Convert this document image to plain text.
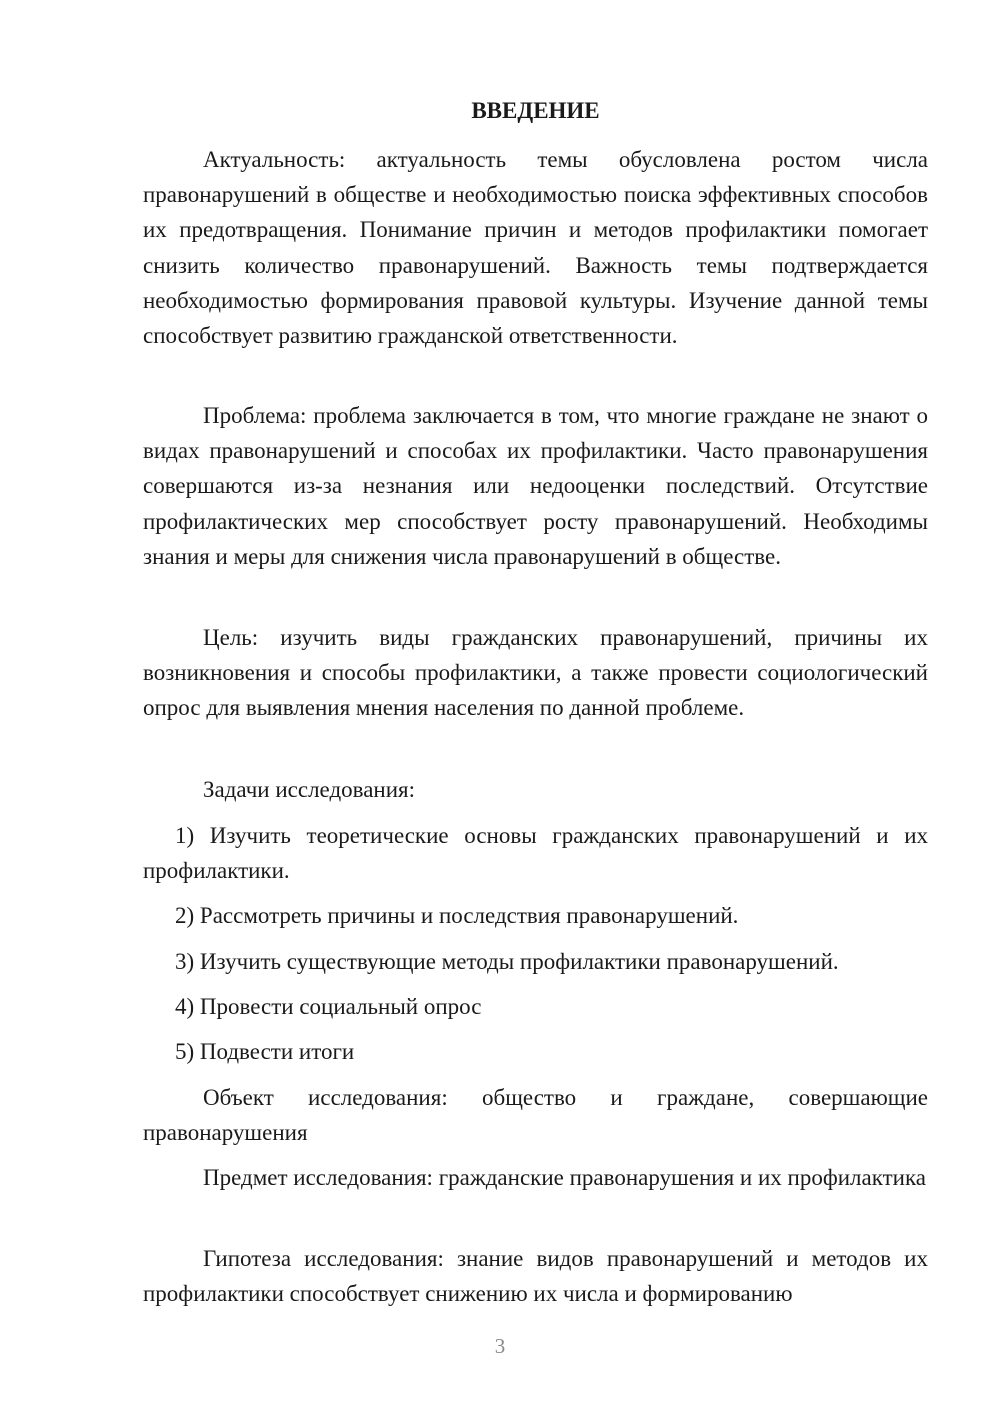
ВВЕДЕНИЕ

Актуальность: актуальность темы обусловлена ростом числа правонарушений в обществе и необходимостью поиска эффективных способов их предотвращения. Понимание причин и методов профилактики помогает снизить количество правонарушений. Важность темы подтверждается необходимостью формирования правовой культуры. Изучение данной темы способствует развитию гражданской ответственности.

Проблема: проблема заключается в том, что многие граждане не знают о видах правонарушений и способах их профилактики. Часто правонарушения совершаются из-за незнания или недооценки последствий. Отсутствие профилактических мер способствует росту правонарушений. Необходимы знания и меры для снижения числа правонарушений в обществе.

Цель: изучить виды гражданских правонарушений, причины их возникновения и способы профилактики, а также провести социологический опрос для выявления мнения населения по данной проблеме.

Задачи исследования:

1) Изучить теоретические основы гражданских правонарушений и их профилактики.

2) Рассмотреть причины и последствия правонарушений.

3) Изучить существующие методы профилактики правонарушений.

4) Провести социальный опрос

5) Подвести итоги

Объект исследования: общество и граждане, совершающие правонарушения

Предмет исследования: гражданские правонарушения и их профилактика

Гипотеза исследования: знание видов правонарушений и методов их профилактики способствует снижению их числа и формированию

3
